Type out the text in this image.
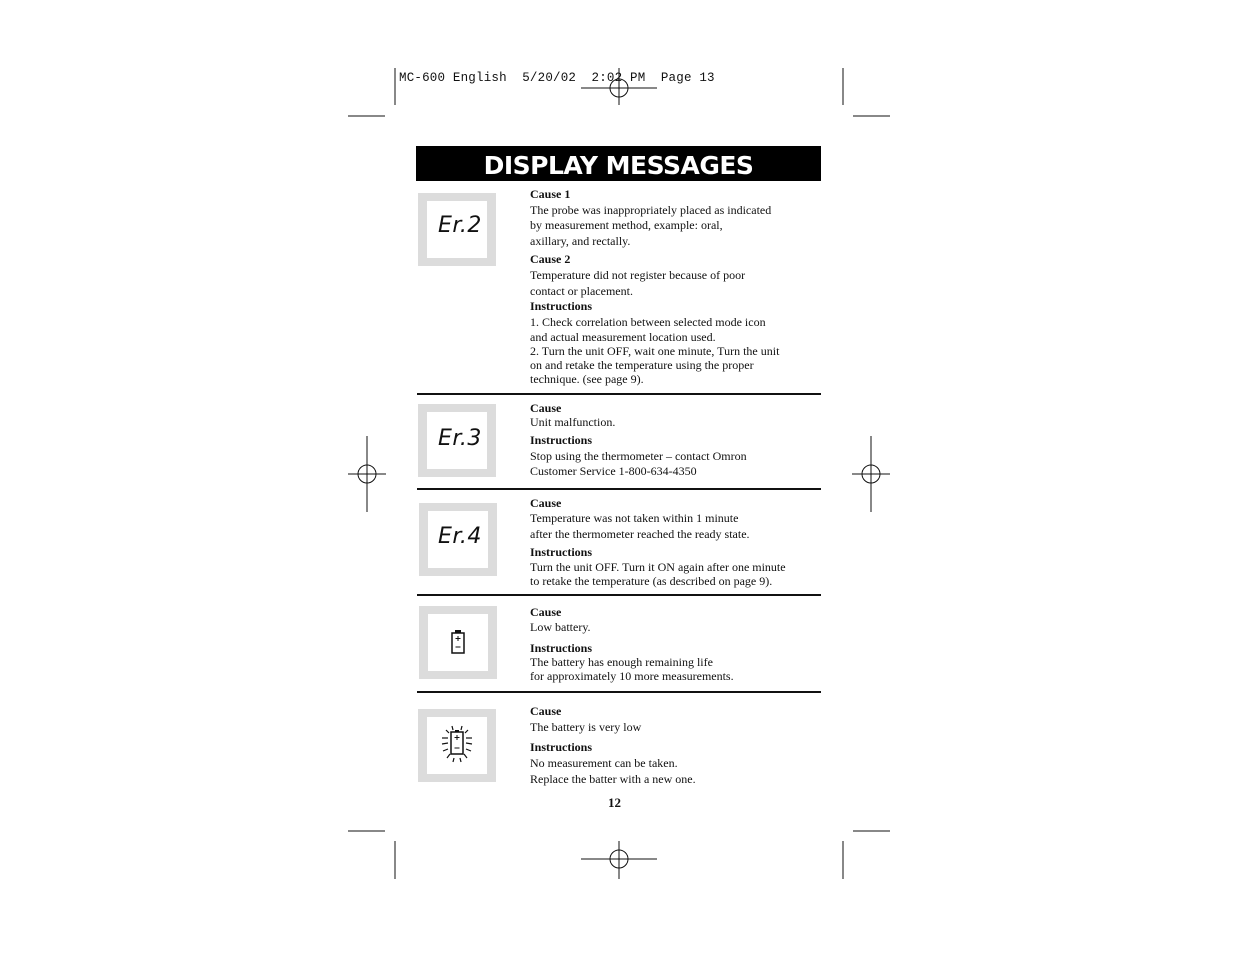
MC-600 English  5/20/02  2:02 PM  Page 13
DISPLAY MESSAGES
Er.2
Cause 1
The probe was inappropriately placed as indicated
by measurement method, example: oral,
axillary, and rectally.
Cause 2
Temperature did not register because of poor
contact or placement.
Instructions
1. Check correlation between selected mode icon
and actual measurement location used.
2. Turn the unit OFF, wait one minute, Turn the unit
on and retake the temperature using the proper
technique. (see page 9).
Er.3
Cause
Unit malfunction.
Instructions
Stop using the thermometer – contact Omron
Customer Service 1-800-634-4350
Er.4
Cause
Temperature was not taken within 1 minute
after the thermometer reached the ready state.
Instructions
Turn the unit OFF. Turn it ON again after one minute
to retake the temperature (as described on page 9).
Cause
Low battery.
Instructions
The battery has enough remaining life
for approximately 10 more measurements.
Cause
The battery is very low
Instructions
No measurement can be taken.
Replace the batter with a new one.
12
